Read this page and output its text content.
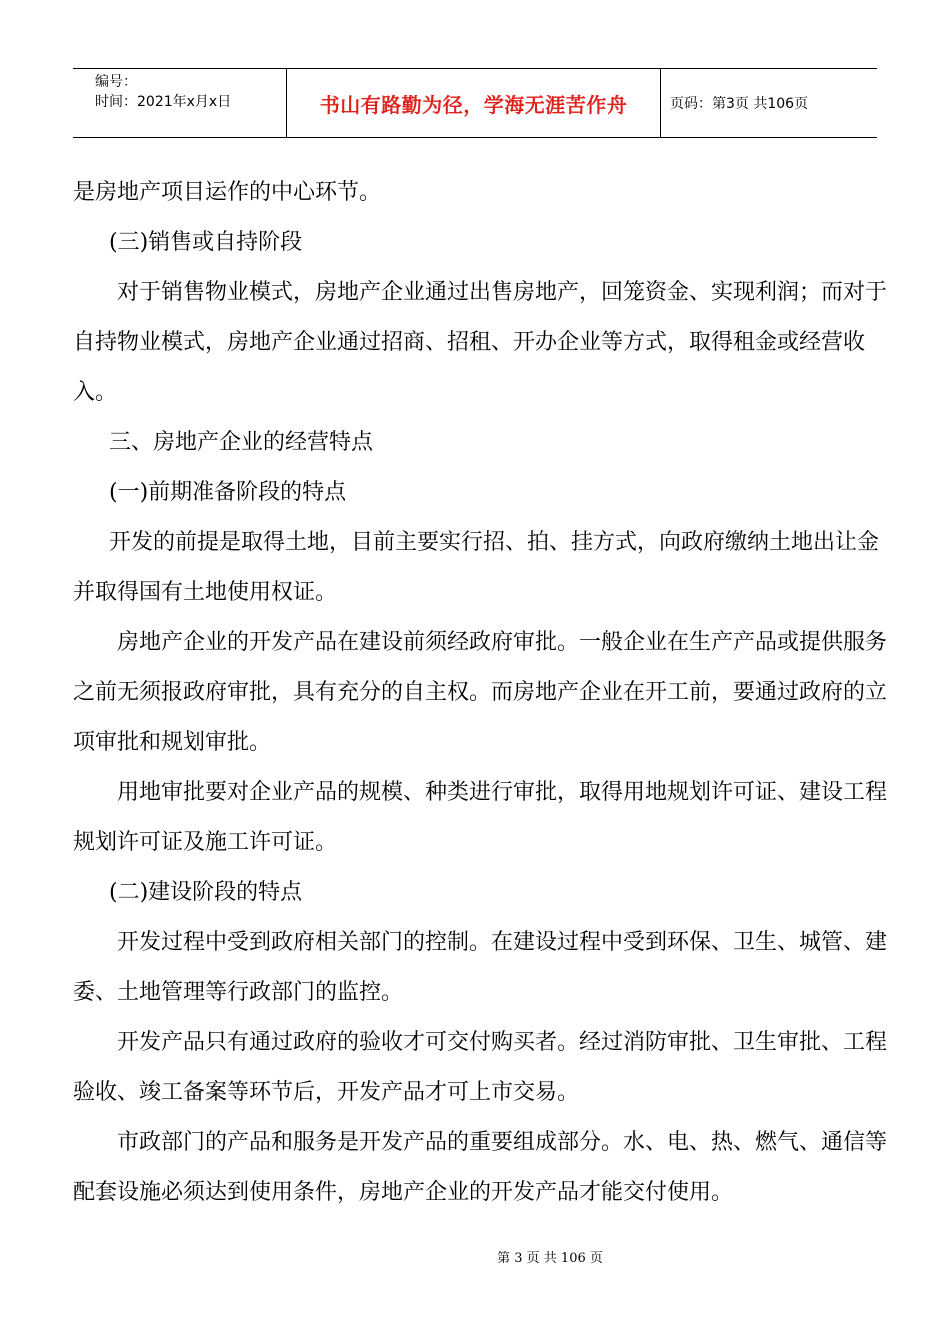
编号：
时间：2021年x月x日	书山有路勤为径，学海无涯苦作舟	页码：第3页 共106页

是房地产项目运作的中心环节。

(三)销售或自持阶段

对于销售物业模式，房地产企业通过出售房地产，回笼资金、实现利润；而对于自持物业模式，房地产企业通过招商、招租、开办企业等方式，取得租金或经营收入。

三、房地产企业的经营特点

(一)前期准备阶段的特点

开发的前提是取得土地，目前主要实行招、拍、挂方式，向政府缴纳土地出让金并取得国有土地使用权证。

房地产企业的开发产品在建设前须经政府审批。一般企业在生产产品或提供服务之前无须报政府审批，具有充分的自主权。而房地产企业在开工前，要通过政府的立项审批和规划审批。

用地审批要对企业产品的规模、种类进行审批，取得用地规划许可证、建设工程规划许可证及施工许可证。

(二)建设阶段的特点

开发过程中受到政府相关部门的控制。在建设过程中受到环保、卫生、城管、建委、土地管理等行政部门的监控。

开发产品只有通过政府的验收才可交付购买者。经过消防审批、卫生审批、工程验收、竣工备案等环节后，开发产品才可上市交易。

市政部门的产品和服务是开发产品的重要组成部分。水、电、热、燃气、通信等配套设施必须达到使用条件，房地产企业的开发产品才能交付使用。

第 3 页 共 106 页
